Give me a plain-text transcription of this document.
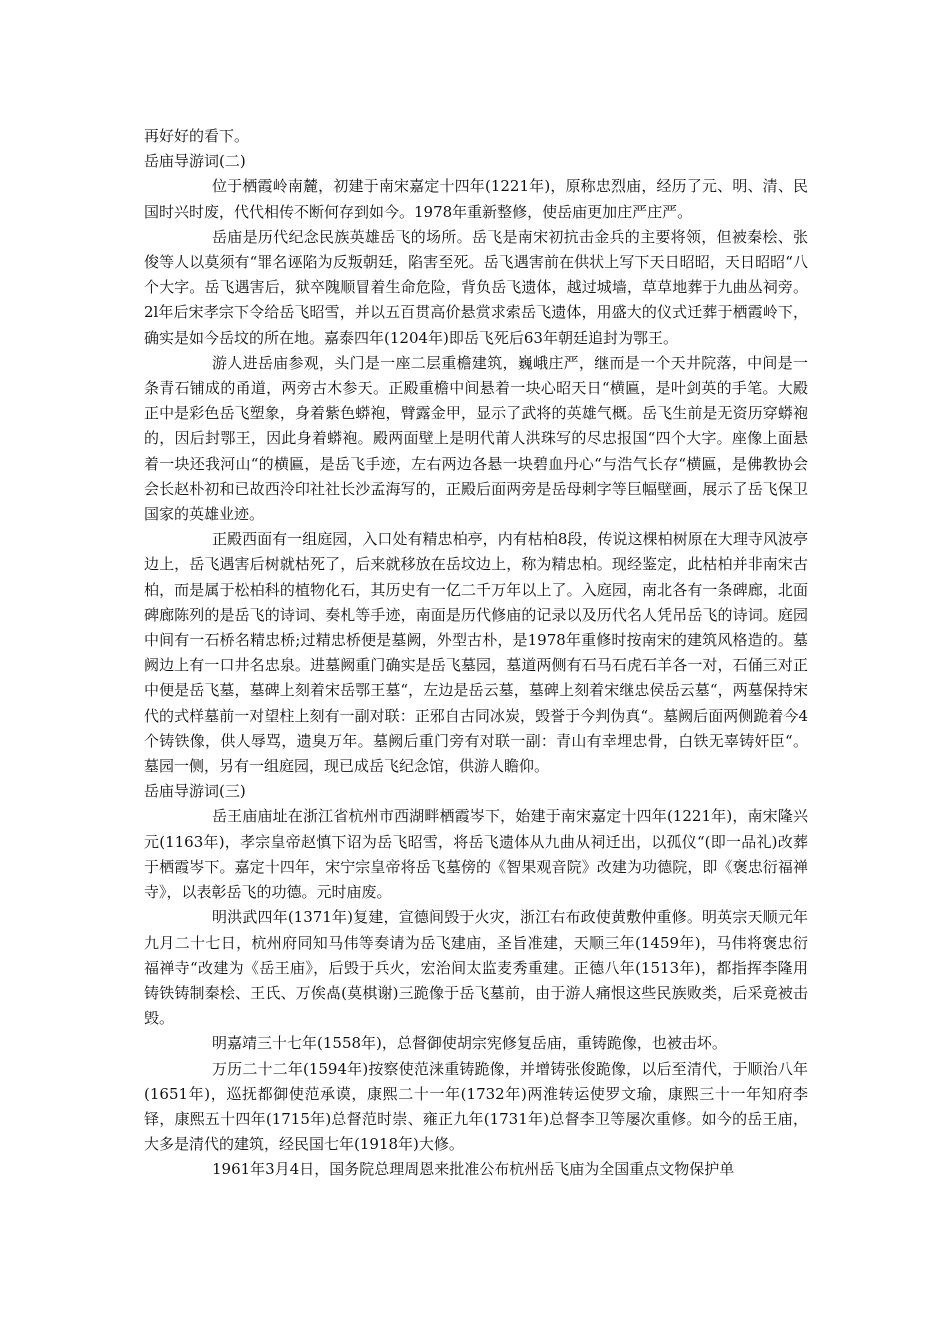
再好好的看下。

岳庙导游词(二)

位于栖霞岭南麓，初建于南宋嘉定十四年(1221年)，原称忠烈庙，经历了元、明、清、民国时兴时废，代代相传不断何存到如今。1978年重新整修，使岳庙更加庄严庄严。

岳庙是历代纪念民族英雄岳飞的场所。岳飞是南宋初抗击金兵的主要将领，但被秦桧、张俊等人以莫须有“罪名诬陷为反叛朝廷，陷害至死。岳飞遇害前在供状上写下天日昭昭，天日昭昭“八个大字。岳飞遇害后，狱卒隗顺冒着生命危险，背负岳飞遗体，越过城墙，草草地葬于九曲丛祠旁。2l年后宋孝宗下令给岳飞昭雪，并以五百贯高价悬赏求索岳飞遗体，用盛大的仪式迁葬于栖霞岭下，确实是如今岳坟的所在地。嘉泰四年(1204年)即岳飞死后63年朝廷追封为鄂王。

游人进岳庙参观，头门是一座二层重檐建筑，巍峨庄严，继而是一个天井院落，中间是一条青石铺成的甬道，两旁古木参天。正殿重檐中间悬着一块心昭天日“横匾，是叶剑英的手笔。大殿正中是彩色岳飞塑象，身着紫色蟒袍，臂露金甲，显示了武将的英雄气概。岳飞生前是无资历穿蟒袍的，因后封鄂王，因此身着蟒袍。殿两面壁上是明代莆人洪珠写的尽忠报国“四个大字。座像上面悬着一块还我河山“的横匾，是岳飞手迹，左右两边各悬一块碧血丹心“与浩气长存“横匾，是佛教协会会长赵朴初和已故西泠印社社长沙孟海写的，正殿后面两旁是岳母刺字等巨幅壁画，展示了岳飞保卫国家的英雄业迹。

正殿西面有一组庭园，入口处有精忠柏亭，内有枯柏8段，传说这棵柏树原在大理寺风波亭边上，岳飞遇害后树就枯死了，后来就移放在岳坟边上，称为精忠柏。现经鉴定，此枯柏并非南宋古柏，而是属于松柏科的植物化石，其历史有一亿二千万年以上了。入庭园，南北各有一条碑廊，北面碑廊陈列的是岳飞的诗词、奏札等手迹，南面是历代修庙的记录以及历代名人凭吊岳飞的诗词。庭园中间有一石桥名精忠桥;过精忠桥便是墓阙，外型古朴，是1978年重修时按南宋的建筑风格造的。墓阙边上有一口井名忠泉。进墓阙重门确实是岳飞墓园，墓道两侧有石马石虎石羊各一对，石俑三对正中便是岳飞墓，墓碑上刻着宋岳鄂王墓“，左边是岳云墓，墓碑上刻着宋继忠侯岳云墓“，两墓保持宋代的式样墓前一对望柱上刻有一副对联：正邪自古同冰炭，毁誉于今判伪真“。墓阙后面两侧跪着今4个铸铁像，供人辱骂，遗臭万年。墓阙后重门旁有对联一副：青山有幸埋忠骨，白铁无辜铸奸臣“。墓园一侧，另有一组庭园，现已成岳飞纪念馆，供游人瞻仰。

岳庙导游词(三)

岳王庙庙址在浙江省杭州市西湖畔栖霞岑下，始建于南宋嘉定十四年(1221年)，南宋隆兴元(1163年)，孝宗皇帝赵慎下诏为岳飞昭雪，将岳飞遗体从九曲从祠迁出，以孤仪“(即一品礼)改葬于栖霞岑下。嘉定十四年，宋宁宗皇帝将岳飞墓傍的《智果观音院》改建为功德院，即《褒忠衍福禅寺》，以表彰岳飞的功德。元时庙废。

明洪武四年(1371年)复建，宣德间毁于火灾，浙江右布政使黄敷仲重修。明英宗天顺元年九月二十七日，杭州府同知马伟等奏请为岳飞建庙，圣旨准建，天顺三年(1459年)，马伟将褒忠衍福禅寺“改建为《岳王庙》，后毁于兵火，宏治间太监麦秀重建。正德八年(1513年)，都指挥李隆用铸铁铸制秦桧、王氏、万俟卨(莫棋谢)三跪像于岳飞墓前，由于游人痛恨这些民族败类，后采竟被击毁。

明嘉靖三十七年(1558年)，总督御使胡宗宪修复岳庙，重铸跪像，也被击坏。

万历二十二年(1594年)按察使范涞重铸跪像，并增铸张俊跪像，以后至清代，于顺治八年(1651年)，巡抚都御使范承谟，康熙二十一年(1732年)两淮转运使罗文瑜，康熙三十一年知府李铎，康熙五十四年(1715年)总督范时崇、雍正九年(1731年)总督李卫等屡次重修。如今的岳王庙，大多是清代的建筑，经民国七年(1918年)大修。

1961年3月4日，国务院总理周恩来批准公布杭州岳飞庙为全国重点文物保护单
